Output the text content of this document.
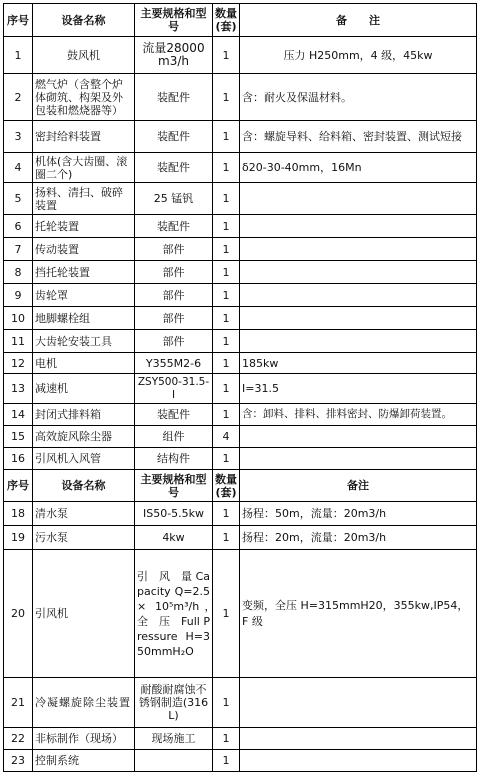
序号	设备名称	主要规格和型号	数量(套)	备　　注
1	鼓风机	流量28000m3/h	1	压力 H250mm，4 级，45kw
2	燃气炉（含整个炉体砌筑、构架及外包装和燃烧器等）	装配件	1	含：耐火及保温材料。
3	密封给料装置	装配件	1	含：螺旋导料、给料箱、密封装置、测试短接
4	机体(含大齿圈、滚圈二个)	装配件	1	δ20-30-40mm，16Mn
5	扬料、清扫、破碎装置	25 锰钒	1	
6	托轮装置	装配件	1	
7	传动装置	部件	1	
8	挡托轮装置	部件	1	
9	齿轮罩	部件	1	
10	地脚螺栓组	部件	1	
11	大齿轮安装工具	部件	1	
12	电机	Y355M2-6	1	185kw
13	减速机	ZSY500-31.5-I	1	I=31.5
14	封闭式排料箱	装配件	1	含：卸料、排料、排料密封、防爆卸荷装置。
15	高效旋风除尘器	组件	4	
16	引风机入风管	结构件	1	
序号	设备名称	主要规格和型号	数量(套)	备注
18	清水泵	IS50-5.5kw	1	扬程：50m，流量：20m3/h
19	污水泵	4kw	1	扬程：20m，流量：20m3/h
20	引风机	引　风　量 Capacity Q=2.5　× 10⁵m³/h，　全　压　Full Pressure H=350mmH₂O	1	变频，全压 H=315mmH20，355kw,IP54，F 级
21	冷凝螺旋除尘装置	耐酸耐腐蚀不锈钢制造(316L)	1	
22	非标制作（现场）	现场施工	1	
23	控制系统		1	
